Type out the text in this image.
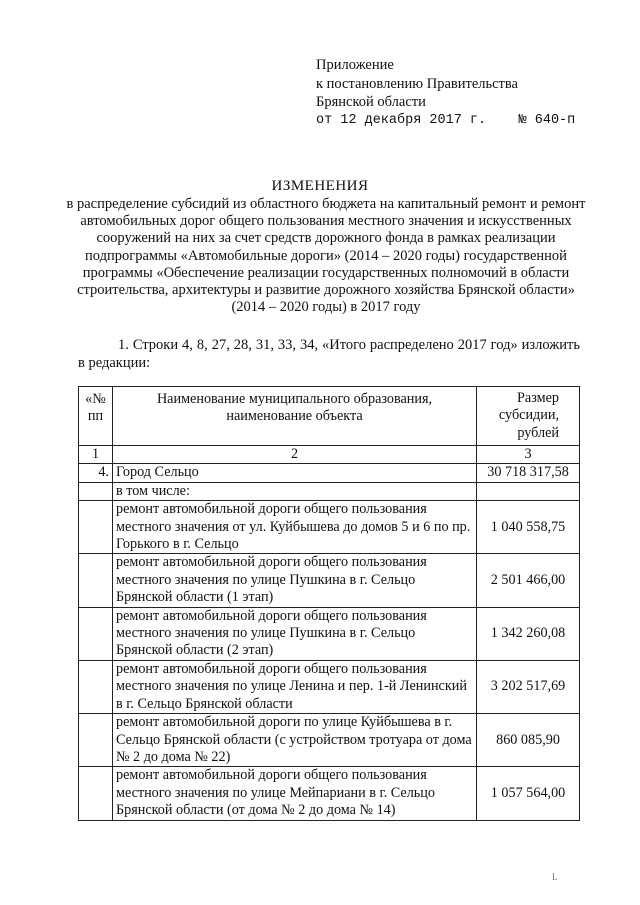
Приложение
к постановлению Правительства
Брянской области
от 12 декабря 2017 г.    № 640-п
ИЗМЕНЕНИЯ
в распределение субсидий из областного бюджета на капитальный ремонт и ремонт автомобильных дорог общего пользования местного значения и искусственных сооружений на них за счет средств дорожного фонда в рамках реализации подпрограммы «Автомобильные дороги» (2014 – 2020 годы) государственной программы «Обеспечение реализации государственных полномочий в области строительства, архитектуры и развитие дорожного хозяйства Брянской области» (2014 – 2020 годы) в 2017 году
1. Строки 4, 8, 27, 28, 31, 33, 34, «Итого распределено 2017 год» изложить в редакции:
«№ пп	Наименование муниципального образования, наименование объекта	Размер субсидии, рублей
1	2	3
4.	Город Сельцо	30 718 317,58
	в том числе:	
	ремонт автомобильной дороги общего пользования местного значения от ул. Куйбышева до домов 5 и 6 по пр. Горького в г. Сельцо	1 040 558,75
	ремонт автомобильной дороги общего пользования местного значения по улице Пушкина в г. Сельцо Брянской области (1 этап)	2 501 466,00
	ремонт автомобильной дороги общего пользования местного значения по улице Пушкина в г. Сельцо Брянской области (2 этап)	1 342 260,08
	ремонт автомобильной дороги общего пользования местного значения по улице Ленина и пер. 1-й Ленинский в г. Сельцо Брянской области	3 202 517,69
	ремонт автомобильной дороги по улице Куйбышева в г. Сельцо Брянской области (с устройством тротуара от дома № 2 до дома № 22)	860 085,90
	ремонт автомобильной дороги общего пользования местного значения по улице Мейпариани в г. Сельцо Брянской области (от дома № 2 до дома № 14)	1 057 564,00
L
